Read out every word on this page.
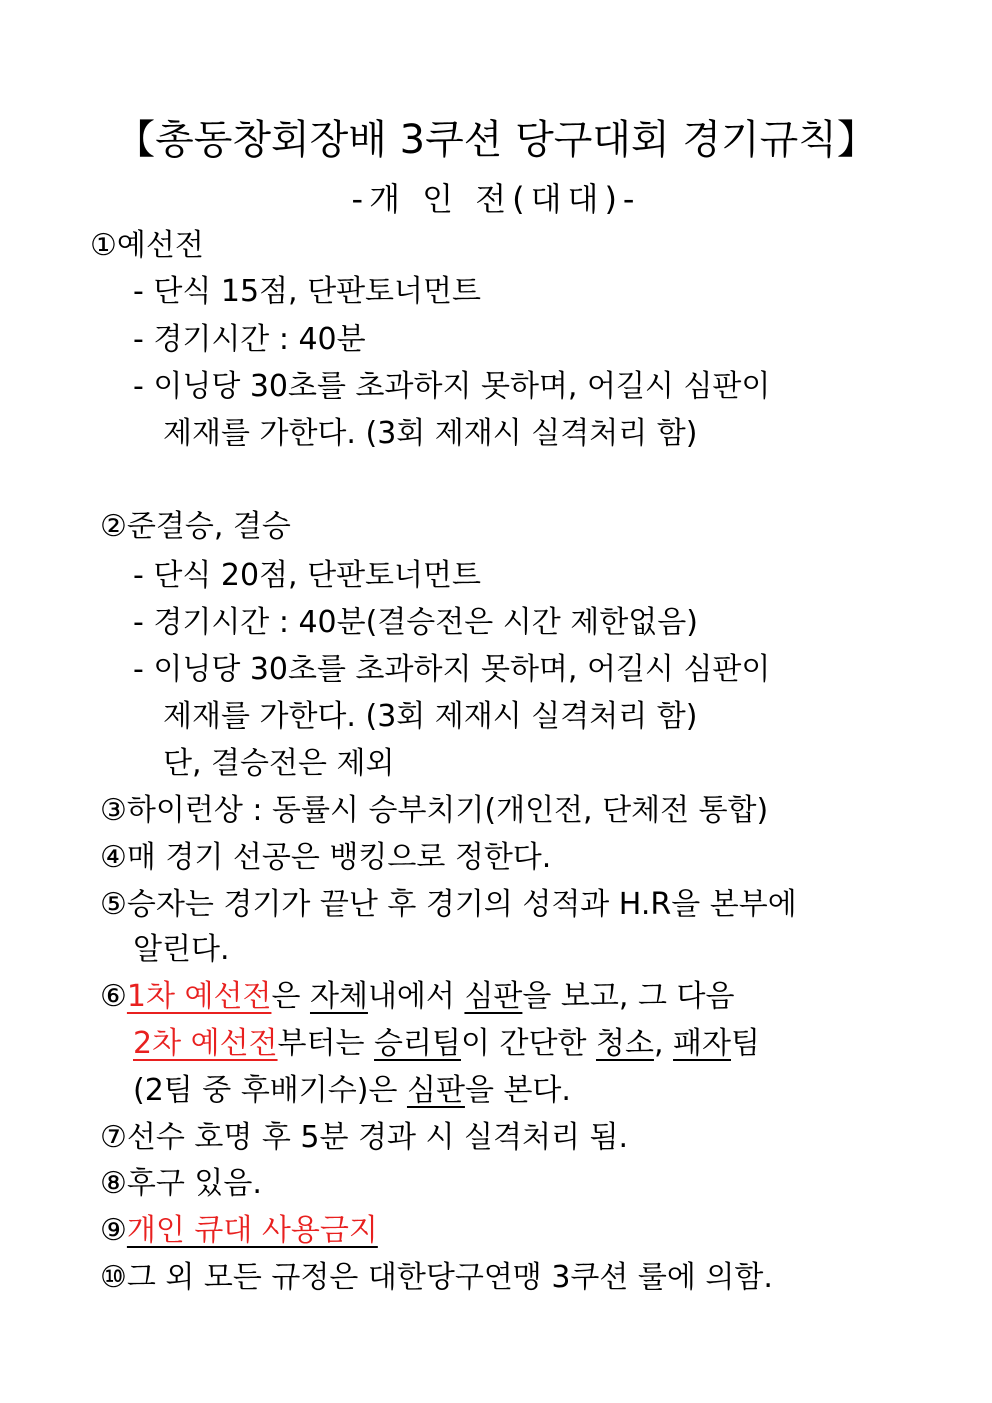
【총동창회장배 3쿠션 당구대회 경기규칙】
-개 인 전(대대)-
①예선전
- 단식 15점, 단판토너먼트
- 경기시간 : 40분
- 이닝당 30초를 초과하지 못하며, 어길시 심판이
제재를 가한다. (3회 제재시 실격처리 함)
②준결승, 결승
- 단식 20점, 단판토너먼트
- 경기시간 : 40분(결승전은 시간 제한없음)
- 이닝당 30초를 초과하지 못하며, 어길시 심판이
제재를 가한다. (3회 제재시 실격처리 함)
단, 결승전은 제외
③하이런상 : 동률시 승부치기(개인전, 단체전 통합)
④매 경기 선공은 뱅킹으로 정한다.
⑤승자는 경기가 끝난 후 경기의 성적과 H.R을 본부에
알린다.
⑥1차 예선전은 자체내에서 심판을 보고, 그 다음
2차 예선전부터는 승리팀이 간단한 청소, 패자팀
(2팀 중 후배기수)은 심판을 본다.
⑦선수 호명 후 5분 경과 시 실격처리 됨.
⑧후구 있음.
⑨개인 큐대 사용금지
⑩그 외 모든 규정은 대한당구연맹 3쿠션 룰에 의함.
